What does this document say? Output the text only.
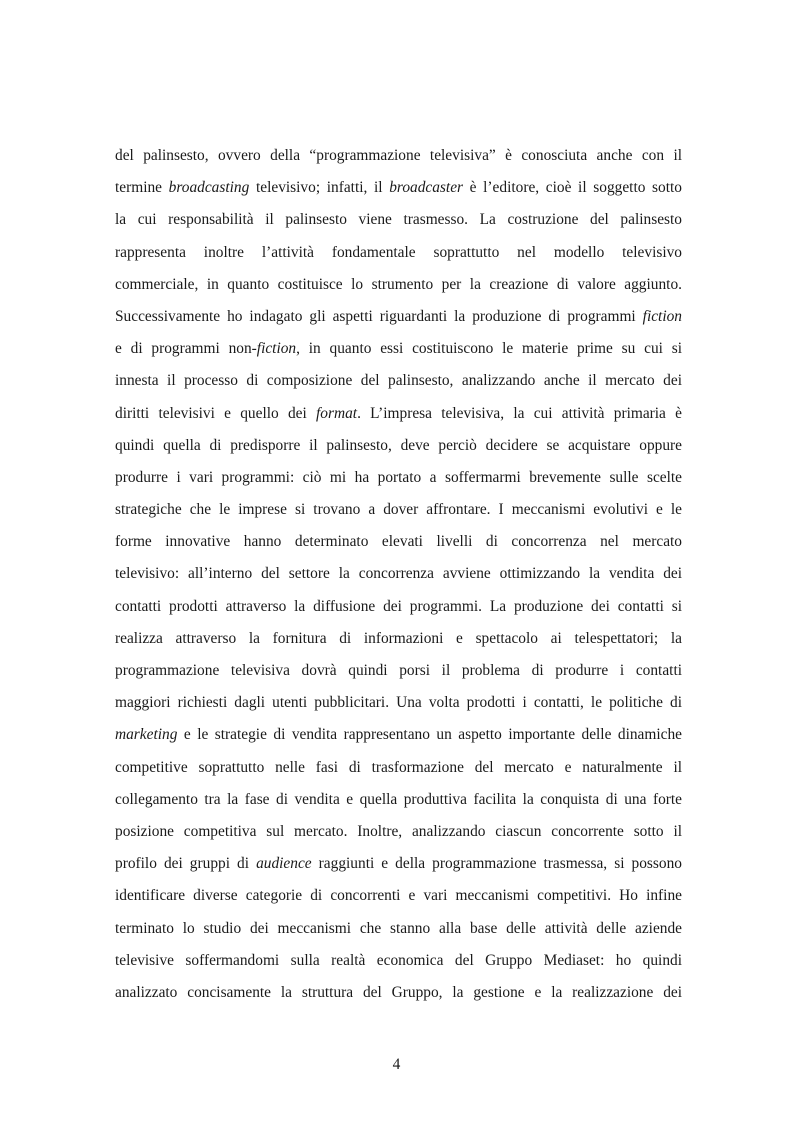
del palinsesto, ovvero della “programmazione televisiva” è conosciuta anche con il
termine broadcasting televisivo; infatti, il broadcaster è l’editore, cioè il soggetto sotto
la cui responsabilità il palinsesto viene trasmesso. La costruzione del palinsesto
rappresenta inoltre l’attività fondamentale soprattutto nel modello televisivo
commerciale, in quanto costituisce lo strumento per la creazione di valore aggiunto.
Successivamente ho indagato gli aspetti riguardanti la produzione di programmi fiction
e di programmi non-fiction, in quanto essi costituiscono le materie prime su cui si
innesta il processo di composizione del palinsesto, analizzando anche il mercato dei
diritti televisivi e quello dei format. L’impresa televisiva, la cui attività primaria è
quindi quella di predisporre il palinsesto, deve perciò decidere se acquistare oppure
produrre i vari programmi: ciò mi ha portato a soffermarmi brevemente sulle scelte
strategiche che le imprese si trovano a dover affrontare. I meccanismi evolutivi e le
forme innovative hanno determinato elevati livelli di concorrenza nel mercato
televisivo: all’interno del settore la concorrenza avviene ottimizzando la vendita dei
contatti prodotti attraverso la diffusione dei programmi. La produzione dei contatti si
realizza attraverso la fornitura di informazioni e spettacolo ai telespettatori; la
programmazione televisiva dovrà quindi porsi il problema di produrre i contatti
maggiori richiesti dagli utenti pubblicitari. Una volta prodotti i contatti, le politiche di
marketing e le strategie di vendita rappresentano un aspetto importante delle dinamiche
competitive soprattutto nelle fasi di trasformazione del mercato e naturalmente il
collegamento tra la fase di vendita e quella produttiva facilita la conquista di una forte
posizione competitiva sul mercato. Inoltre, analizzando ciascun concorrente sotto il
profilo dei gruppi di audience raggiunti e della programmazione trasmessa, si possono
identificare diverse categorie di concorrenti e vari meccanismi competitivi. Ho infine
terminato lo studio dei meccanismi che stanno alla base delle attività delle aziende
televisive soffermandomi sulla realtà economica del Gruppo Mediaset: ho quindi
analizzato concisamente la struttura del Gruppo, la gestione e la realizzazione dei
4
